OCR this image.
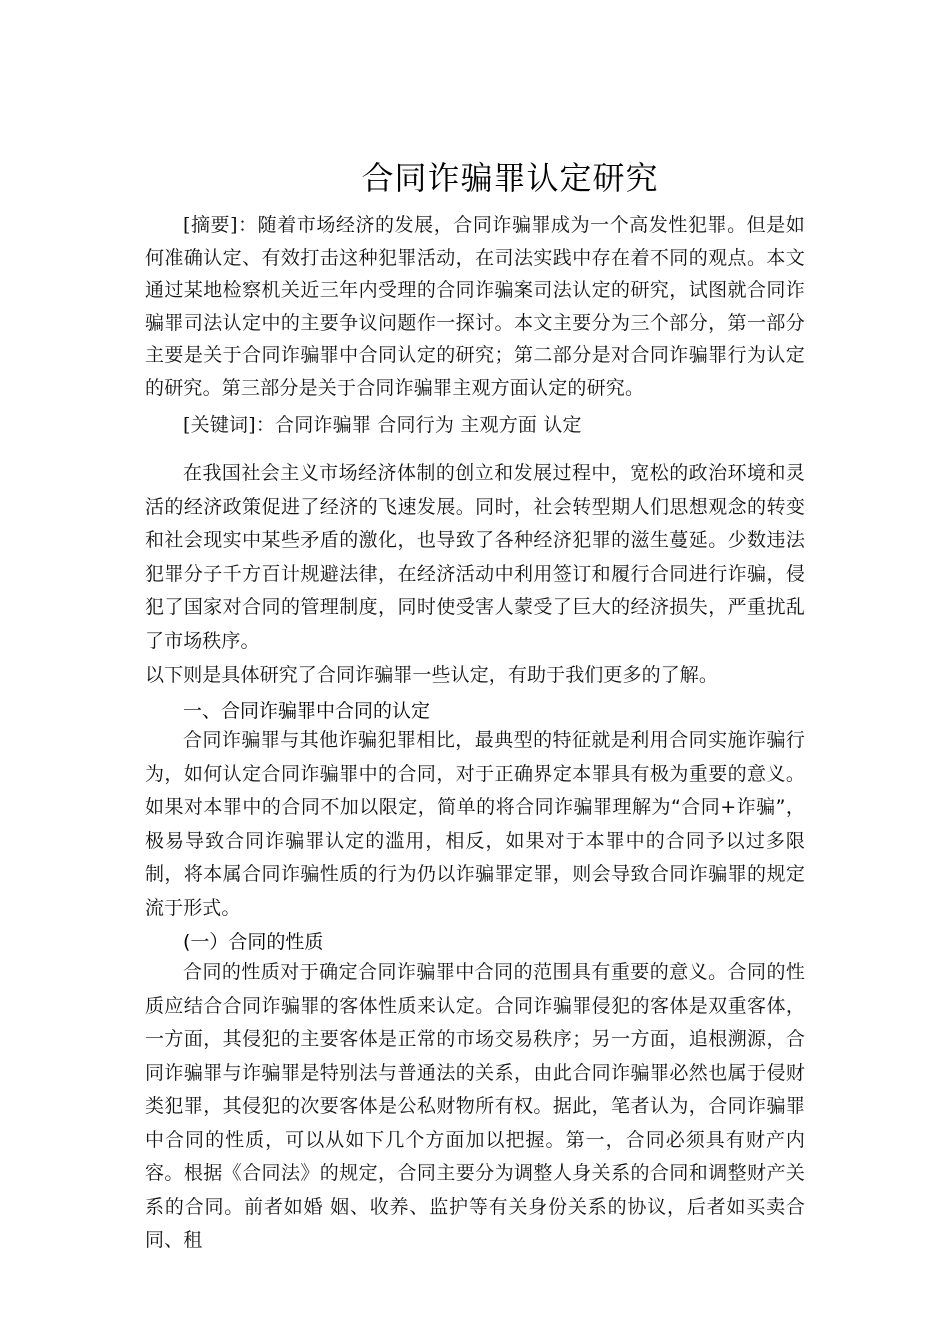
合同诈骗罪认定研究
[摘要]：随着市场经济的发展，合同诈骗罪成为一个高发性犯罪。但是如何准确认定、有效打击这种犯罪活动，在司法实践中存在着不同的观点。本文通过某地检察机关近三年内受理的合同诈骗案司法认定的研究，试图就合同诈骗罪司法认定中的主要争议问题作一探讨。本文主要分为三个部分，第一部分主要是关于合同诈骗罪中合同认定的研究；第二部分是对合同诈骗罪行为认定的研究。第三部分是关于合同诈骗罪主观方面认定的研究。
[关键词]：合同诈骗罪 合同行为 主观方面 认定

在我国社会主义市场经济体制的创立和发展过程中，宽松的政治环境和灵活的经济政策促进了经济的飞速发展。同时，社会转型期人们思想观念的转变和社会现实中某些矛盾的激化，也导致了各种经济犯罪的滋生蔓延。少数违法犯罪分子千方百计规避法律，在经济活动中利用签订和履行合同进行诈骗，侵犯了国家对合同的管理制度，同时使受害人蒙受了巨大的经济损失，严重扰乱了市场秩序。

以下则是具体研究了合同诈骗罪一些认定，有助于我们更多的了解。

一、合同诈骗罪中合同的认定

合同诈骗罪与其他诈骗犯罪相比，最典型的特征就是利用合同实施诈骗行为，如何认定合同诈骗罪中的合同，对于正确界定本罪具有极为重要的意义。如果对本罪中的合同不加以限定，简单的将合同诈骗罪理解为“合同+诈骗”，极易导致合同诈骗罪认定的滥用，相反，如果对于本罪中的合同予以过多限制，将本属合同诈骗性质的行为仍以诈骗罪定罪，则会导致合同诈骗罪的规定流于形式。

(一）合同的性质

合同的性质对于确定合同诈骗罪中合同的范围具有重要的意义。合同的性质应结合合同诈骗罪的客体性质来认定。合同诈骗罪侵犯的客体是双重客体，一方面，其侵犯的主要客体是正常的市场交易秩序；另一方面，追根溯源，合同诈骗罪与诈骗罪是特别法与普通法的关系，由此合同诈骗罪必然也属于侵财类犯罪，其侵犯的次要客体是公私财物所有权。据此，笔者认为，合同诈骗罪中合同的性质，可以从如下几个方面加以把握。第一，合同必须具有财产内容。根据《合同法》的规定，合同主要分为调整人身关系的合同和调整财产关系的合同。前者如婚 姻、收养、监护等有关身份关系的协议，后者如买卖合同、租
